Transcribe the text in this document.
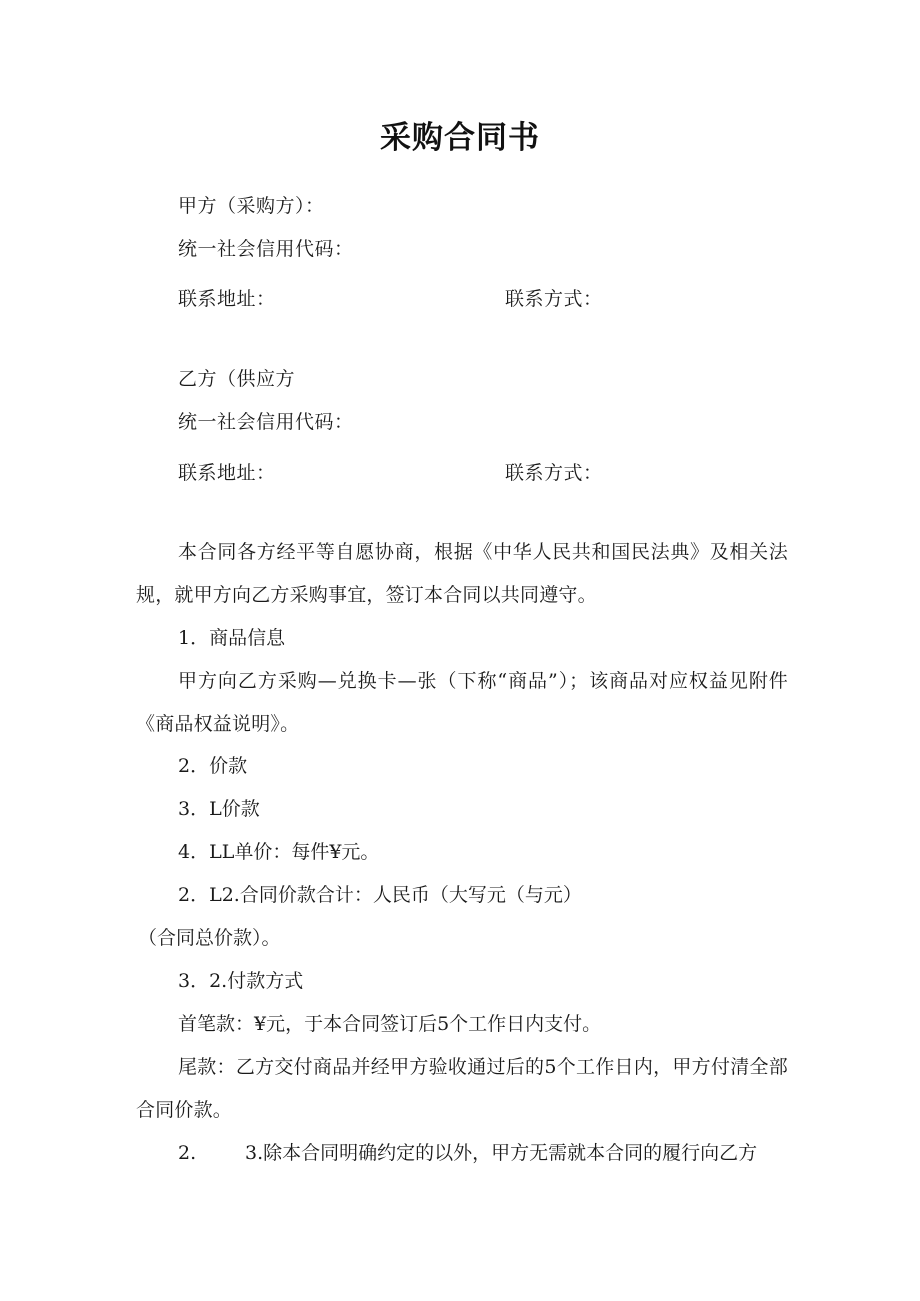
采购合同书
甲方（采购方）：
统一社会信用代码：
联系地址：	联系方式：
乙方（供应方
统一社会信用代码：
联系地址：	联系方式：
本合同各方经平等自愿协商，根据《中华人民共和国民法典》及相关法规，就甲方向乙方采购事宜，签订本合同以共同遵守。
1．商品信息
甲方向乙方采购—兑换卡—张（下称“商品”）；该商品对应权益见附件《商品权益说明》。
2．价款
3．L价款
4．LL单价：每件¥元。
2．L2.合同价款合计：人民币（大写元（与元）
（合同总价款）。
3．2.付款方式
首笔款：¥元，于本合同签订后5个工作日内支付。
尾款：乙方交付商品并经甲方验收通过后的5个工作日内，甲方付清全部合同价款。
2.	3.除本合同明确约定的以外，甲方无需就本合同的履行向乙方
